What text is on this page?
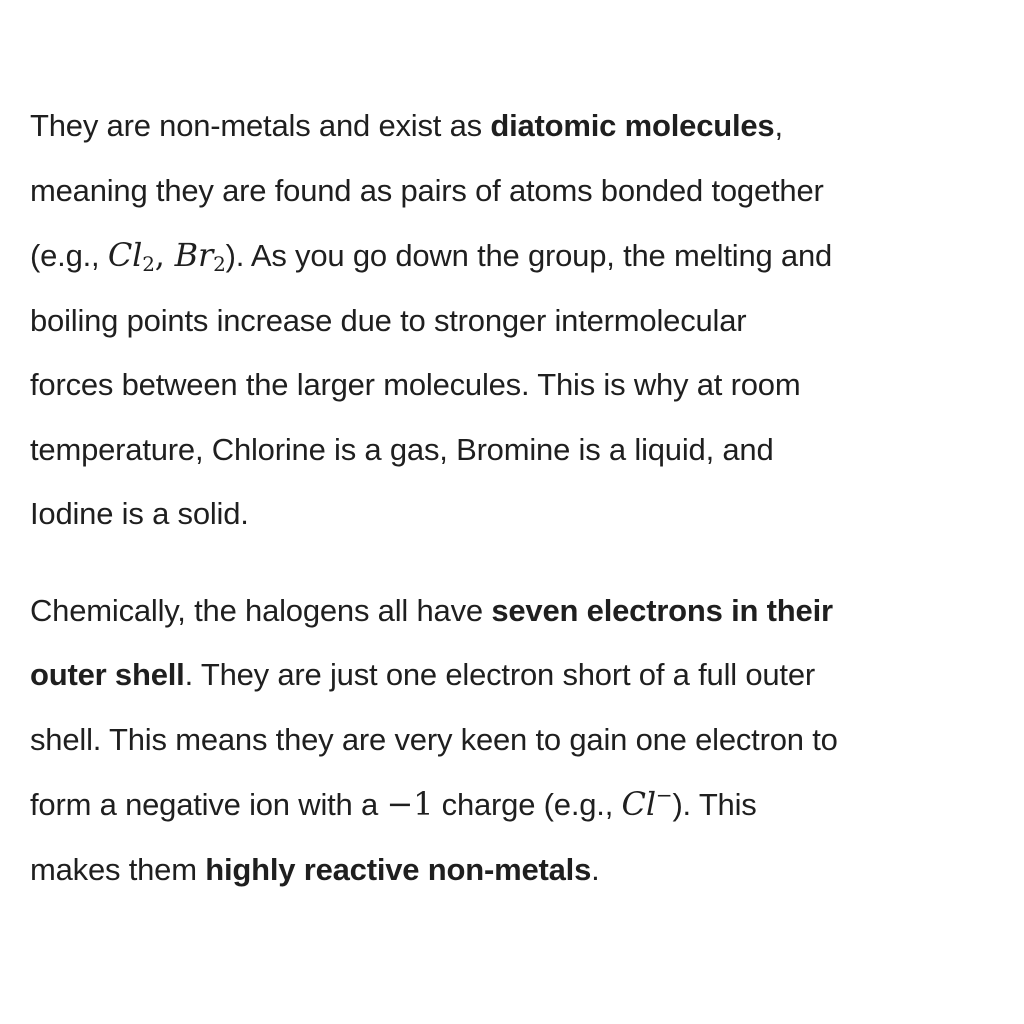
They are non-metals and exist as diatomic molecules,
meaning they are found as pairs of atoms bonded together
(e.g., $Cl_2$, $Br_2$). As you go down the group, the melting and
boiling points increase due to stronger intermolecular
forces between the larger molecules. This is why at room
temperature, Chlorine is a gas, Bromine is a liquid, and
Iodine is a solid.

Chemically, the halogens all have seven electrons in their
outer shell. They are just one electron short of a full outer
shell. This means they are very keen to gain one electron to
form a negative ion with a −1 charge (e.g., Cl−). This
makes them highly reactive non-metals.
